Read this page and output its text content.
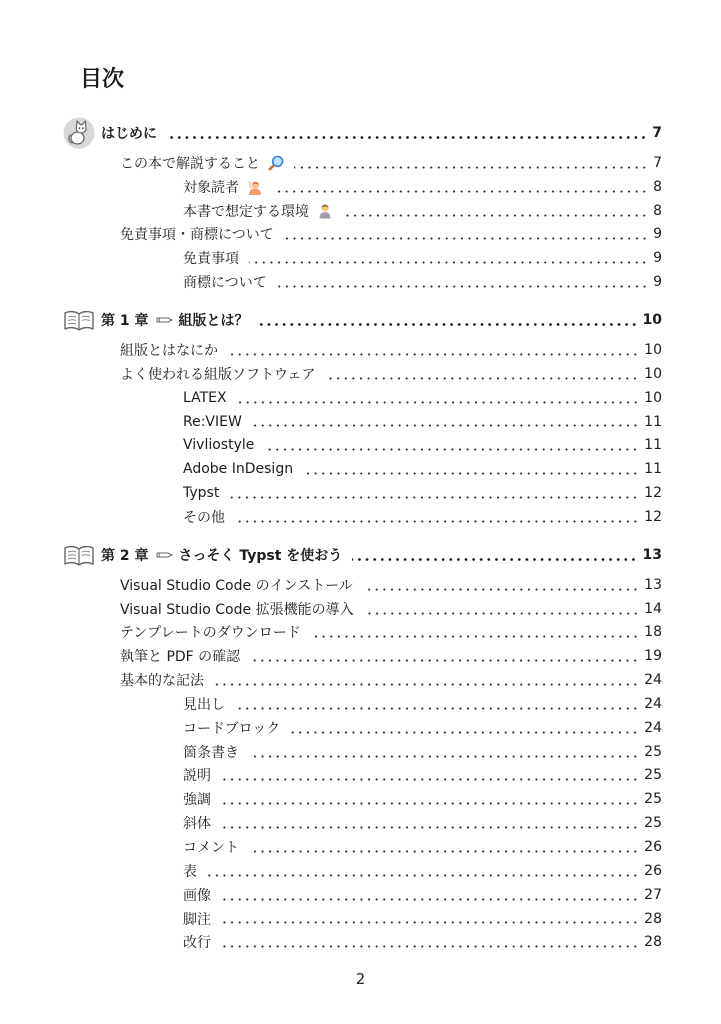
目次
はじめに	7
この本で解説すること	7
対象読者	8
本書で想定する環境	8
免責事項・商標について	9
免責事項	9
商標について	9
第 1 章 組版とは？	10
組版とはなにか	10
よく使われる組版ソフトウェア	10
LATEX	10
Re:VIEW	11
Vivliostyle	11
Adobe InDesign	11
Typst	12
その他	12
第 2 章 さっそく Typst を使おう	13
Visual Studio Code のインストール	13
Visual Studio Code 拡張機能の導入	14
テンプレートのダウンロード	18
執筆と PDF の確認	19
基本的な記法	24
見出し	24
コードブロック	24
箇条書き	25
説明	25
強調	25
斜体	25
コメント	26
表	26
画像	27
脚注	28
改行	28
2
